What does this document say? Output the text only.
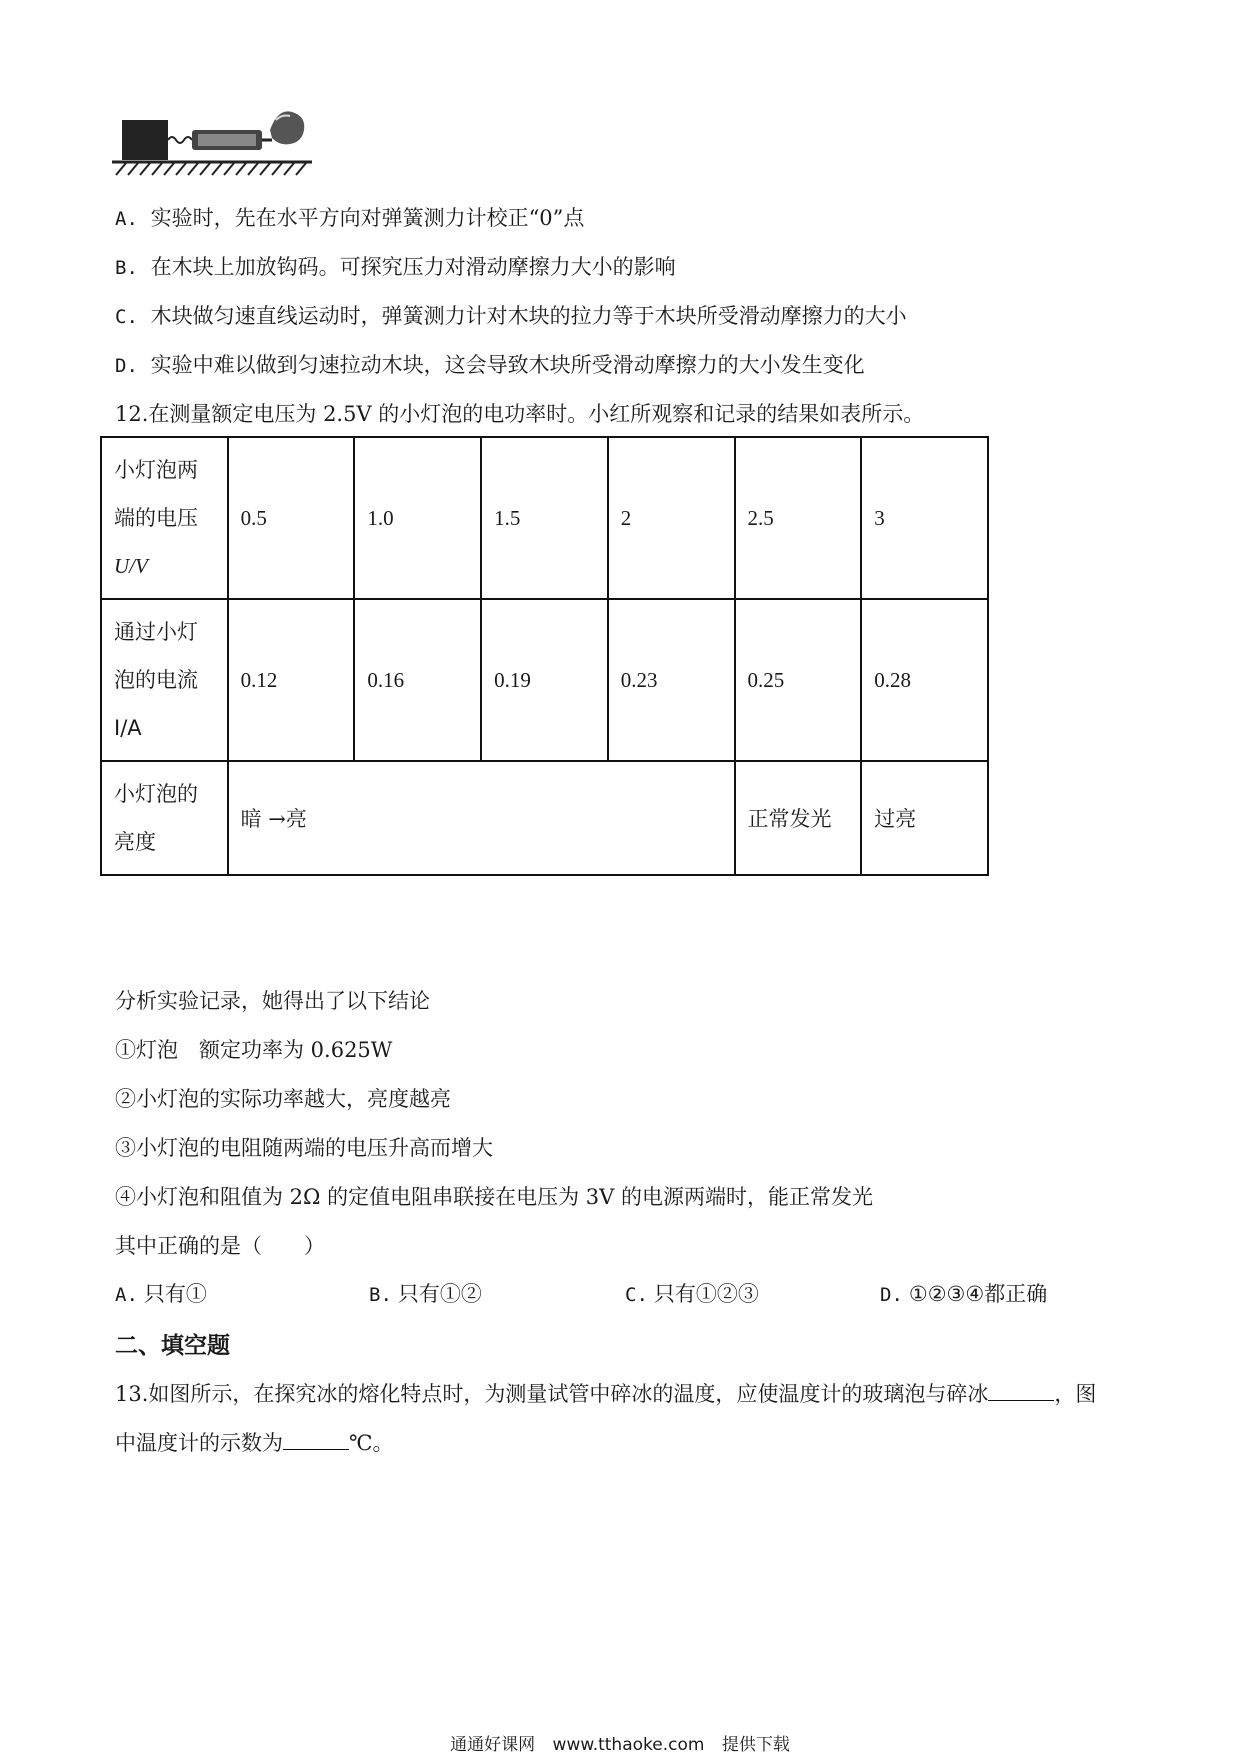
A. 实验时，先在水平方向对弹簧测力计校正“0”点
B. 在木块上加放钩码。可探究压力对滑动摩擦力大小的影响
C. 木块做匀速直线运动时，弹簧测力计对木块的拉力等于木块所受滑动摩擦力的大小
D. 实验中难以做到匀速拉动木块，这会导致木块所受滑动摩擦力的大小发生变化
12.在测量额定电压为 2.5V 的小灯泡的电功率时。小红所观察和记录的结果如表所示。
小灯泡两
端的电压
U/V	0.5	1.0	1.5	2	2.5	3

通过小灯
泡的电流
I/A	0.12	0.16	0.19	0.23	0.25	0.28

小灯泡的
亮度	暗 →亮				正常发光	过亮
分析实验记录，她得出了以下结论
①灯泡　额定功率为 0.625W
②小灯泡的实际功率越大，亮度越亮
③小灯泡的电阻随两端的电压升高而增大
④小灯泡和阻值为 2Ω 的定值电阻串联接在电压为 3V 的电源两端时，能正常发光
其中正确的是（　　）
A. 只有①	B. 只有①②	C. 只有①②③	D. ①②③④都正确
二、填空题
13.如图所示，在探究冰的熔化特点时，为测量试管中碎冰的温度，应使温度计的玻璃泡与碎冰	，图
中温度计的示数为	℃。
通通好课网 www.tthaoke.com 提供下载
